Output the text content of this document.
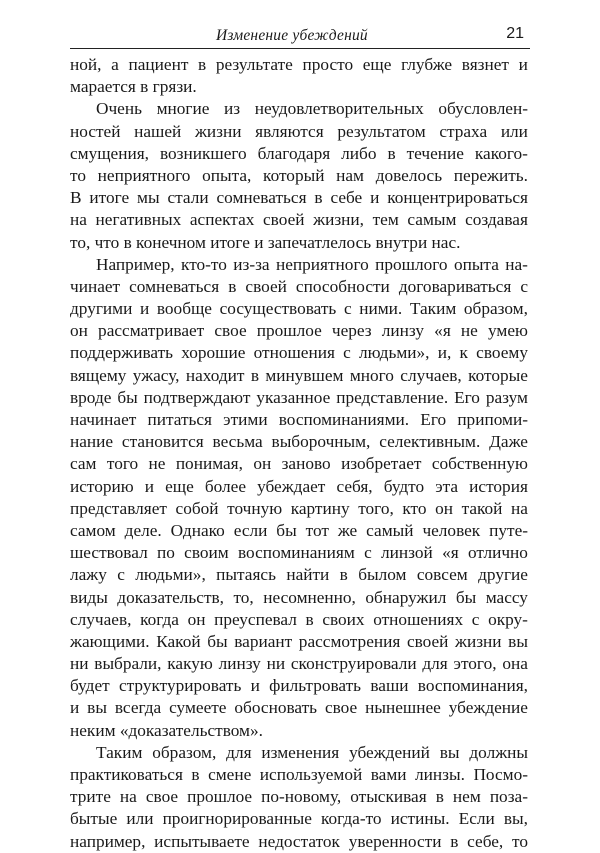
Изменение убеждений	21
ной, а пациент в результате просто еще глубже вязнет и
марается в грязи.
Очень многие из неудовлетворительных обусловлен-
ностей нашей жизни являются результатом страха или
смущения, возникшего благодаря либо в течение какого-
то неприятного опыта, который нам довелось пережить.
В итоге мы стали сомневаться в себе и концентрироваться
на негативных аспектах своей жизни, тем самым создавая
то, что в конечном итоге и запечатлелось внутри нас.
Например, кто-то из-за неприятного прошлого опыта на-
чинает сомневаться в своей способности договариваться с
другими и вообще сосуществовать с ними. Таким образом,
он рассматривает свое прошлое через линзу «я не умею
поддерживать хорошие отношения с людьми», и, к своему
вящему ужасу, находит в минувшем много случаев, которые
вроде бы подтверждают указанное представление. Его разум
начинает питаться этими воспоминаниями. Его припоми-
нание становится весьма выборочным, селективным. Даже
сам того не понимая, он заново изобретает собственную
историю и еще более убеждает себя, будто эта история
представляет собой точную картину того, кто он такой на
самом деле. Однако если бы тот же самый человек путе-
шествовал по своим воспоминаниям с линзой «я отлично
лажу с людьми», пытаясь найти в былом совсем другие
виды доказательств, то, несомненно, обнаружил бы массу
случаев, когда он преуспевал в своих отношениях с окру-
жающими. Какой бы вариант рассмотрения своей жизни вы
ни выбрали, какую линзу ни сконструировали для этого, она
будет структурировать и фильтровать ваши воспоминания,
и вы всегда сумеете обосновать свое нынешнее убеждение
неким «доказательством».
Таким образом, для изменения убеждений вы должны
практиковаться в смене используемой вами линзы. Посмо-
трите на свое прошлое по-новому, отыскивая в нем поза-
бытые или проигнорированные когда-то истины. Если вы,
например, испытываете недостаток уверенности в себе, то
